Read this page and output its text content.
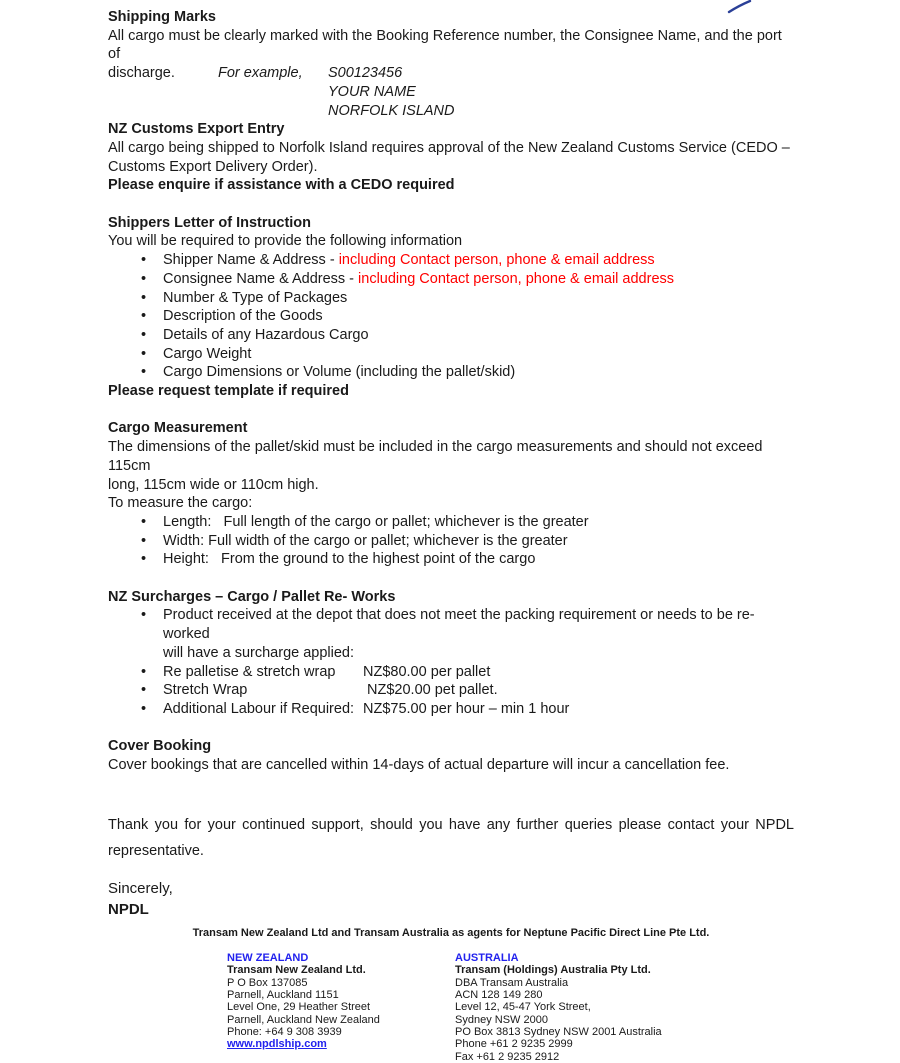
Shipping Marks
All cargo must be clearly marked with the Booking Reference number, the Consignee Name, and the port of
discharge.	For example, S00123456
YOUR NAME
NORFOLK ISLAND
NZ Customs Export Entry
All cargo being shipped to Norfolk Island requires approval of the New Zealand Customs Service (CEDO –
Customs Export Delivery Order).
Please enquire if assistance with a CEDO required
Shippers Letter of Instruction
You will be required to provide the following information
• Shipper Name & Address - including Contact person, phone & email address
• Consignee Name & Address - including Contact person, phone & email address
• Number & Type of Packages
• Description of the Goods
• Details of any Hazardous Cargo
• Cargo Weight
• Cargo Dimensions or Volume (including the pallet/skid)
Please request template if required
Cargo Measurement
The dimensions of the pallet/skid must be included in the cargo measurements and should not exceed 115cm
long, 115cm wide or 110cm high.
To measure the cargo:
• Length:   Full length of the cargo or pallet; whichever is the greater
• Width: Full width of the cargo or pallet; whichever is the greater
• Height:   From the ground to the highest point of the cargo
NZ Surcharges – Cargo / Pallet Re- Works
• Product received at the depot that does not meet the packing requirement or needs to be re-worked
will have a surcharge applied:
• Re palletise & stretch wrap NZ$80.00 per pallet
• Stretch Wrap	NZ$20.00 pet pallet.
• Additional Labour if Required: NZ$75.00 per hour – min 1 hour
Cover Booking
Cover bookings that are cancelled within 14-days of actual departure will incur a cancellation fee.
Thank you for your continued support, should you have any further queries please contact your NPDL
representative.
Sincerely,
NPDL
Transam New Zealand Ltd and Transam Australia as agents for Neptune Pacific Direct Line Pte Ltd.
NEW ZEALAND
Transam New Zealand Ltd.
P O Box 137085
Parnell, Auckland 1151
Level One, 29 Heather Street
Parnell, Auckland New Zealand
Phone: +64 9 308 3939
www.npdlship.com
AUSTRALIA
Transam (Holdings) Australia Pty Ltd.
DBA Transam Australia
ACN 128 149 280
Level 12, 45-47 York Street,
Sydney NSW 2000
PO Box 3813 Sydney NSW 2001 Australia
Phone +61 2 9235 2999
Fax +61 2 9235 2912
